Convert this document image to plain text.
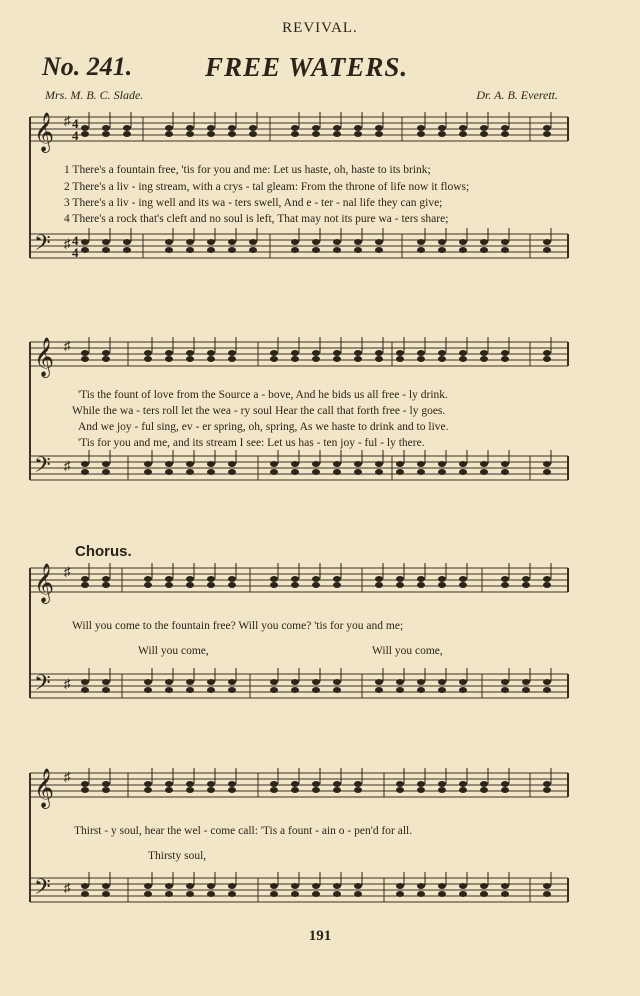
REVIVAL.
No. 241.	FREE WATERS.
Mrs. M. B. C. Slade.	Dr. A. B. Everett.
𝄞
𝄢
♯
♯
𝄞
𝄢
♯
♯
𝄞
𝄢
♯
♯
𝄞
𝄢
♯
♯
4
4
4
4
1 There's a fountain free, 'tis for you and me: Let us haste, oh, haste to its brink;
2 There's a liv - ing stream, with a crys - tal gleam: From the throne of life now it flows;
3 There's a liv - ing well and its wa - ters swell, And e - ter - nal life they can give;
4 There's a rock that's cleft and no soul is left, That may not its pure wa - ters share;
'Tis the fount of love from the Source a - bove, And he bids us all free - ly drink.
While the wa - ters roll let the wea - ry soul Hear the call that forth free - ly goes.
And we joy - ful sing, ev - er spring, oh, spring, As we haste to drink and to live.
'Tis for you and me, and its stream I see: Let us has - ten joy - ful - ly there.
Chorus.
Will you come to the fountain free? Will you come? 'tis for you and me;
Will you come,	Will you come,
Thirst - y soul, hear the wel - come call: 'Tis a fount - ain o - pen'd for all.
Thirsty soul,
191
